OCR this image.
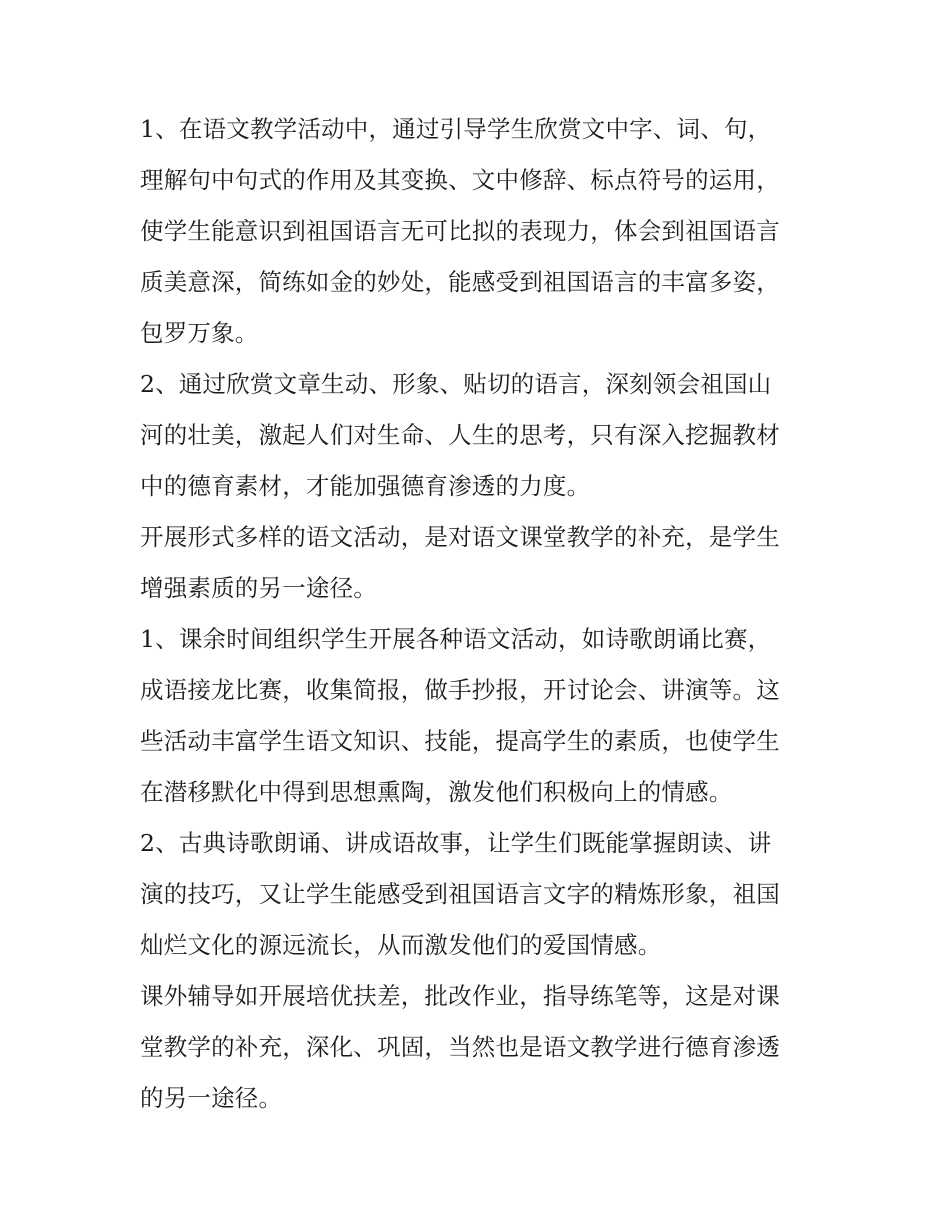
1、在语文教学活动中，通过引导学生欣赏文中字、词、句，
理解句中句式的作用及其变换、文中修辞、标点符号的运用，
使学生能意识到祖国语言无可比拟的表现力，体会到祖国语言
质美意深，简练如金的妙处，能感受到祖国语言的丰富多姿，
包罗万象。

2、通过欣赏文章生动、形象、贴切的语言，深刻领会祖国山
河的壮美，激起人们对生命、人生的思考，只有深入挖掘教材
中的德育素材，才能加强德育渗透的力度。

开展形式多样的语文活动，是对语文课堂教学的补充，是学生
增强素质的另一途径。

1、课余时间组织学生开展各种语文活动，如诗歌朗诵比赛，
成语接龙比赛，收集简报，做手抄报，开讨论会、讲演等。这
些活动丰富学生语文知识、技能，提高学生的素质，也使学生
在潜移默化中得到思想熏陶，激发他们积极向上的情感。

2、古典诗歌朗诵、讲成语故事，让学生们既能掌握朗读、讲
演的技巧，又让学生能感受到祖国语言文字的精炼形象，祖国
灿烂文化的源远流长，从而激发他们的爱国情感。

课外辅导如开展培优扶差，批改作业，指导练笔等，这是对课
堂教学的补充，深化、巩固，当然也是语文教学进行德育渗透
的另一途径。
